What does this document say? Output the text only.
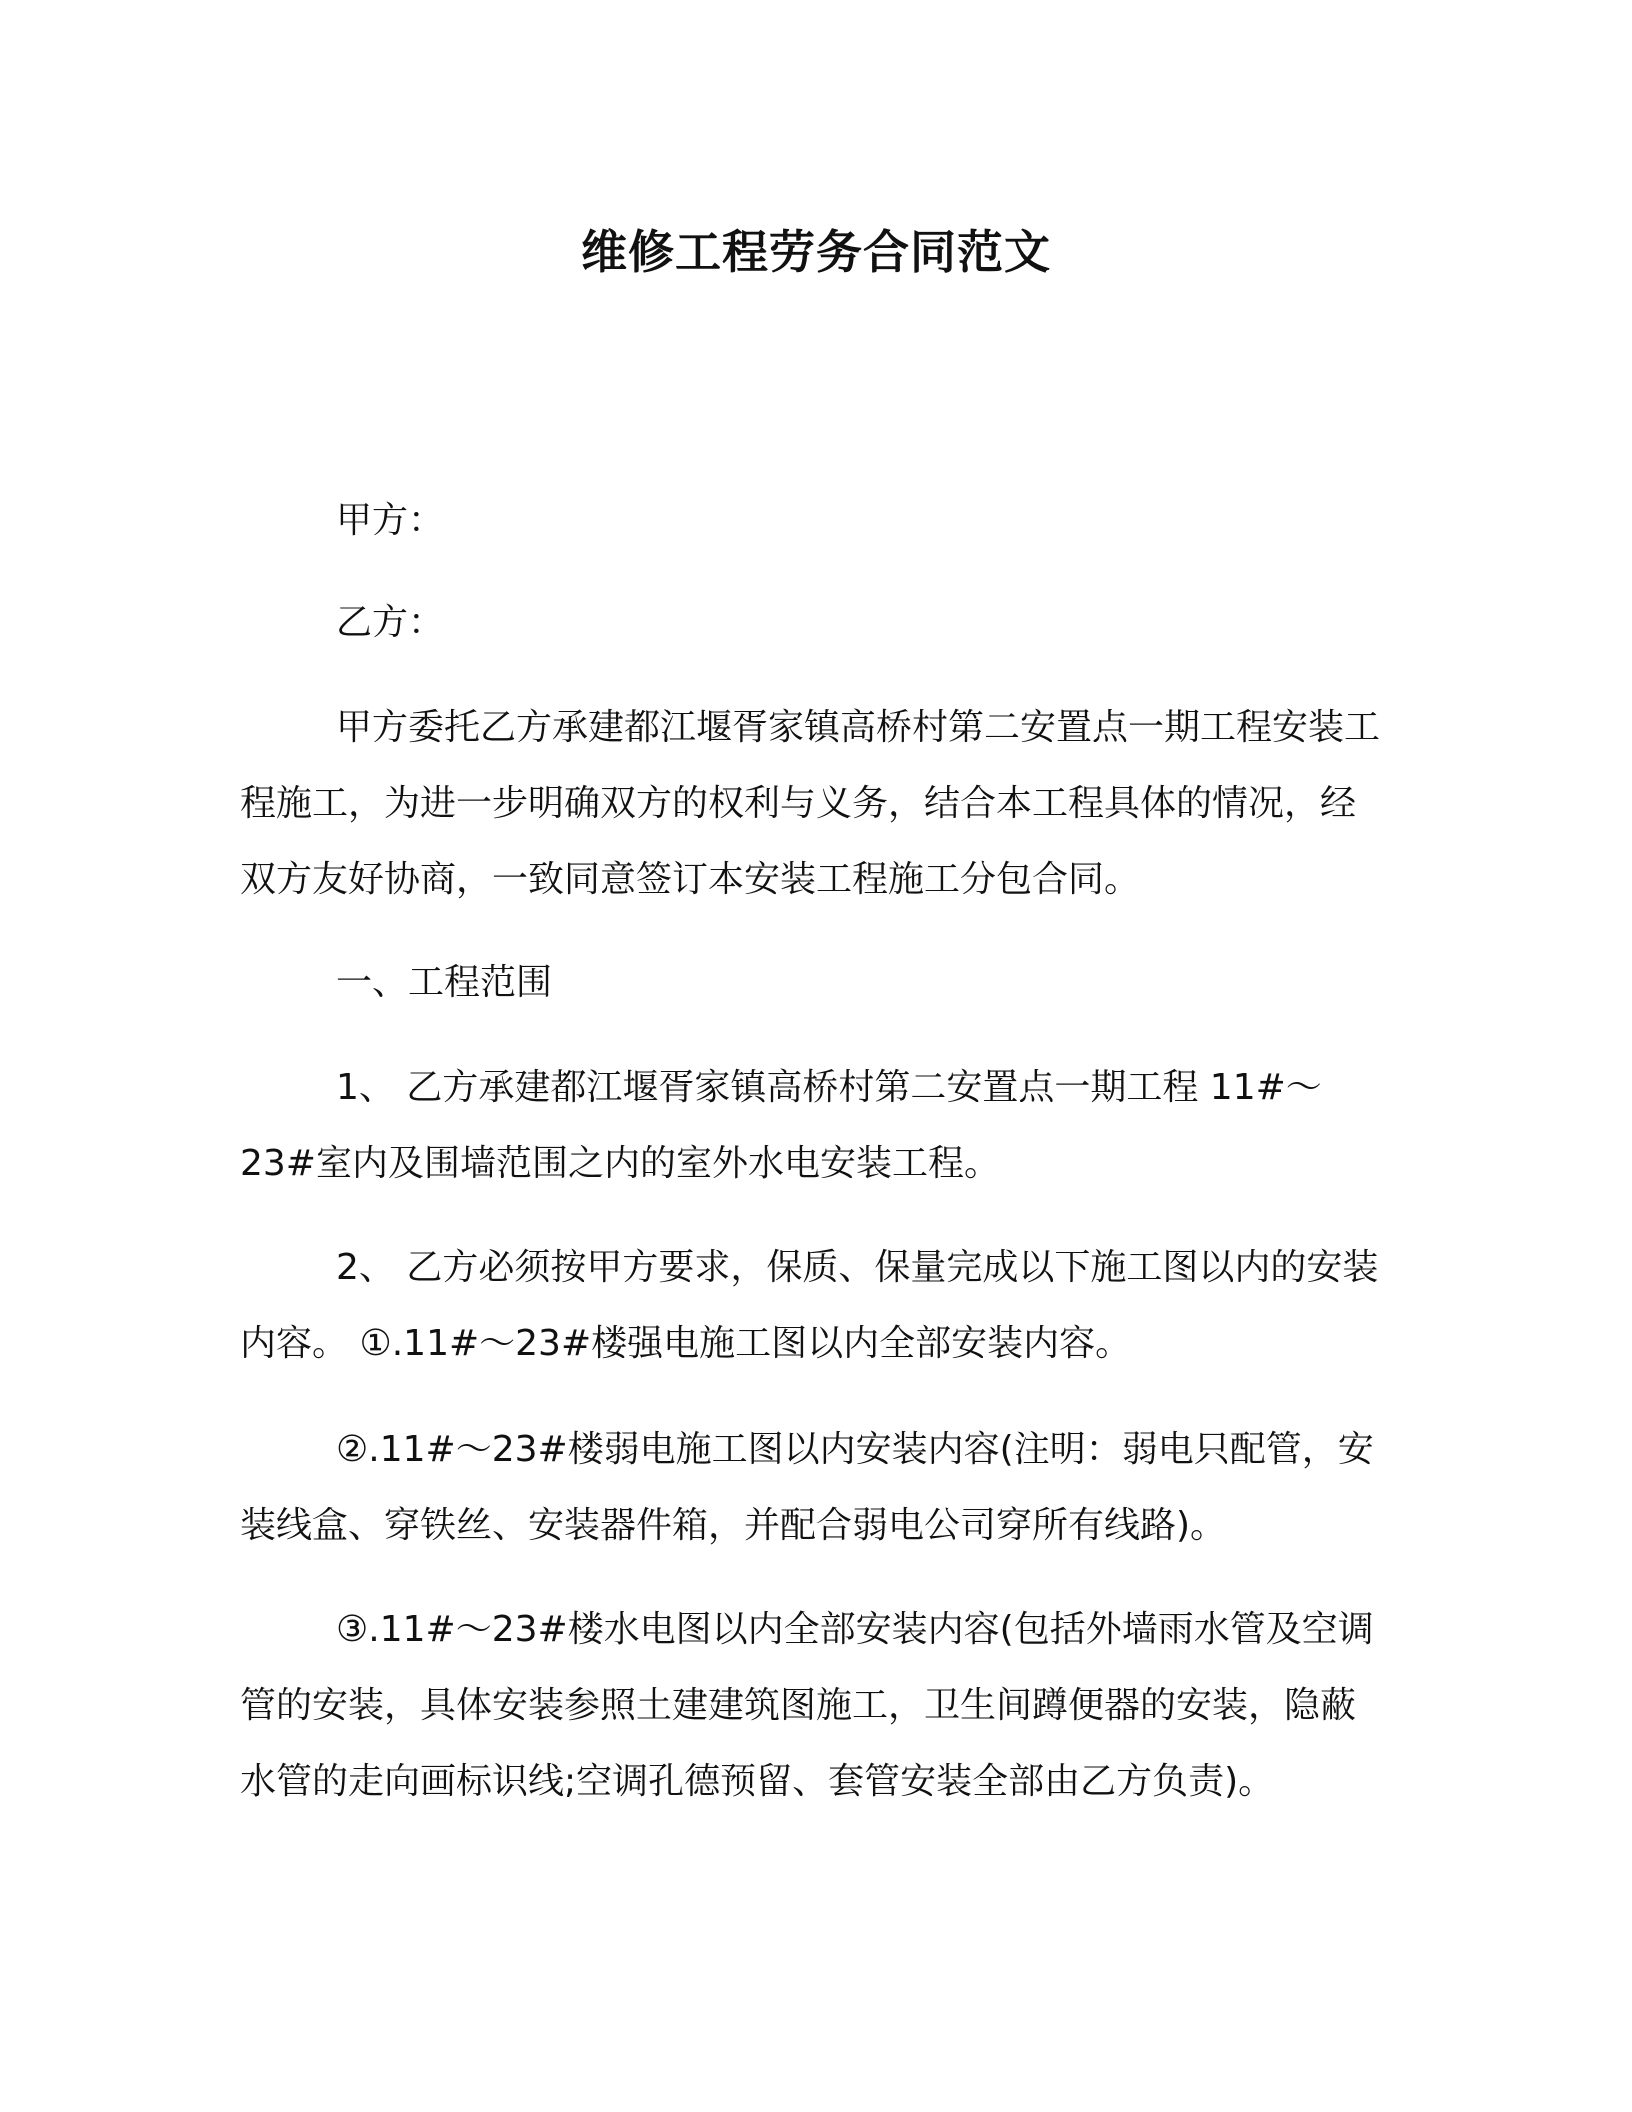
维修工程劳务合同范文

甲方：

乙方：

甲方委托乙方承建都江堰胥家镇高桥村第二安置点一期工程安装工程施工，为进一步明确双方的权利与义务，结合本工程具体的情况，经双方友好协商，一致同意签订本安装工程施工分包合同。

一、工程范围

1、 乙方承建都江堰胥家镇高桥村第二安置点一期工程 11#～23#室内及围墙范围之内的室外水电安装工程。

2、 乙方必须按甲方要求，保质、保量完成以下施工图以内的安装内容。 ①.11#～23#楼强电施工图以内全部安装内容。

②.11#～23#楼弱电施工图以内安装内容(注明：弱电只配管，安装线盒、穿铁丝、安装器件箱，并配合弱电公司穿所有线路)。

③.11#～23#楼水电图以内全部安装内容(包括外墙雨水管及空调管的安装，具体安装参照土建建筑图施工，卫生间蹲便器的安装，隐蔽水管的走向画标识线;空调孔德预留、套管安装全部由乙方负责)。
